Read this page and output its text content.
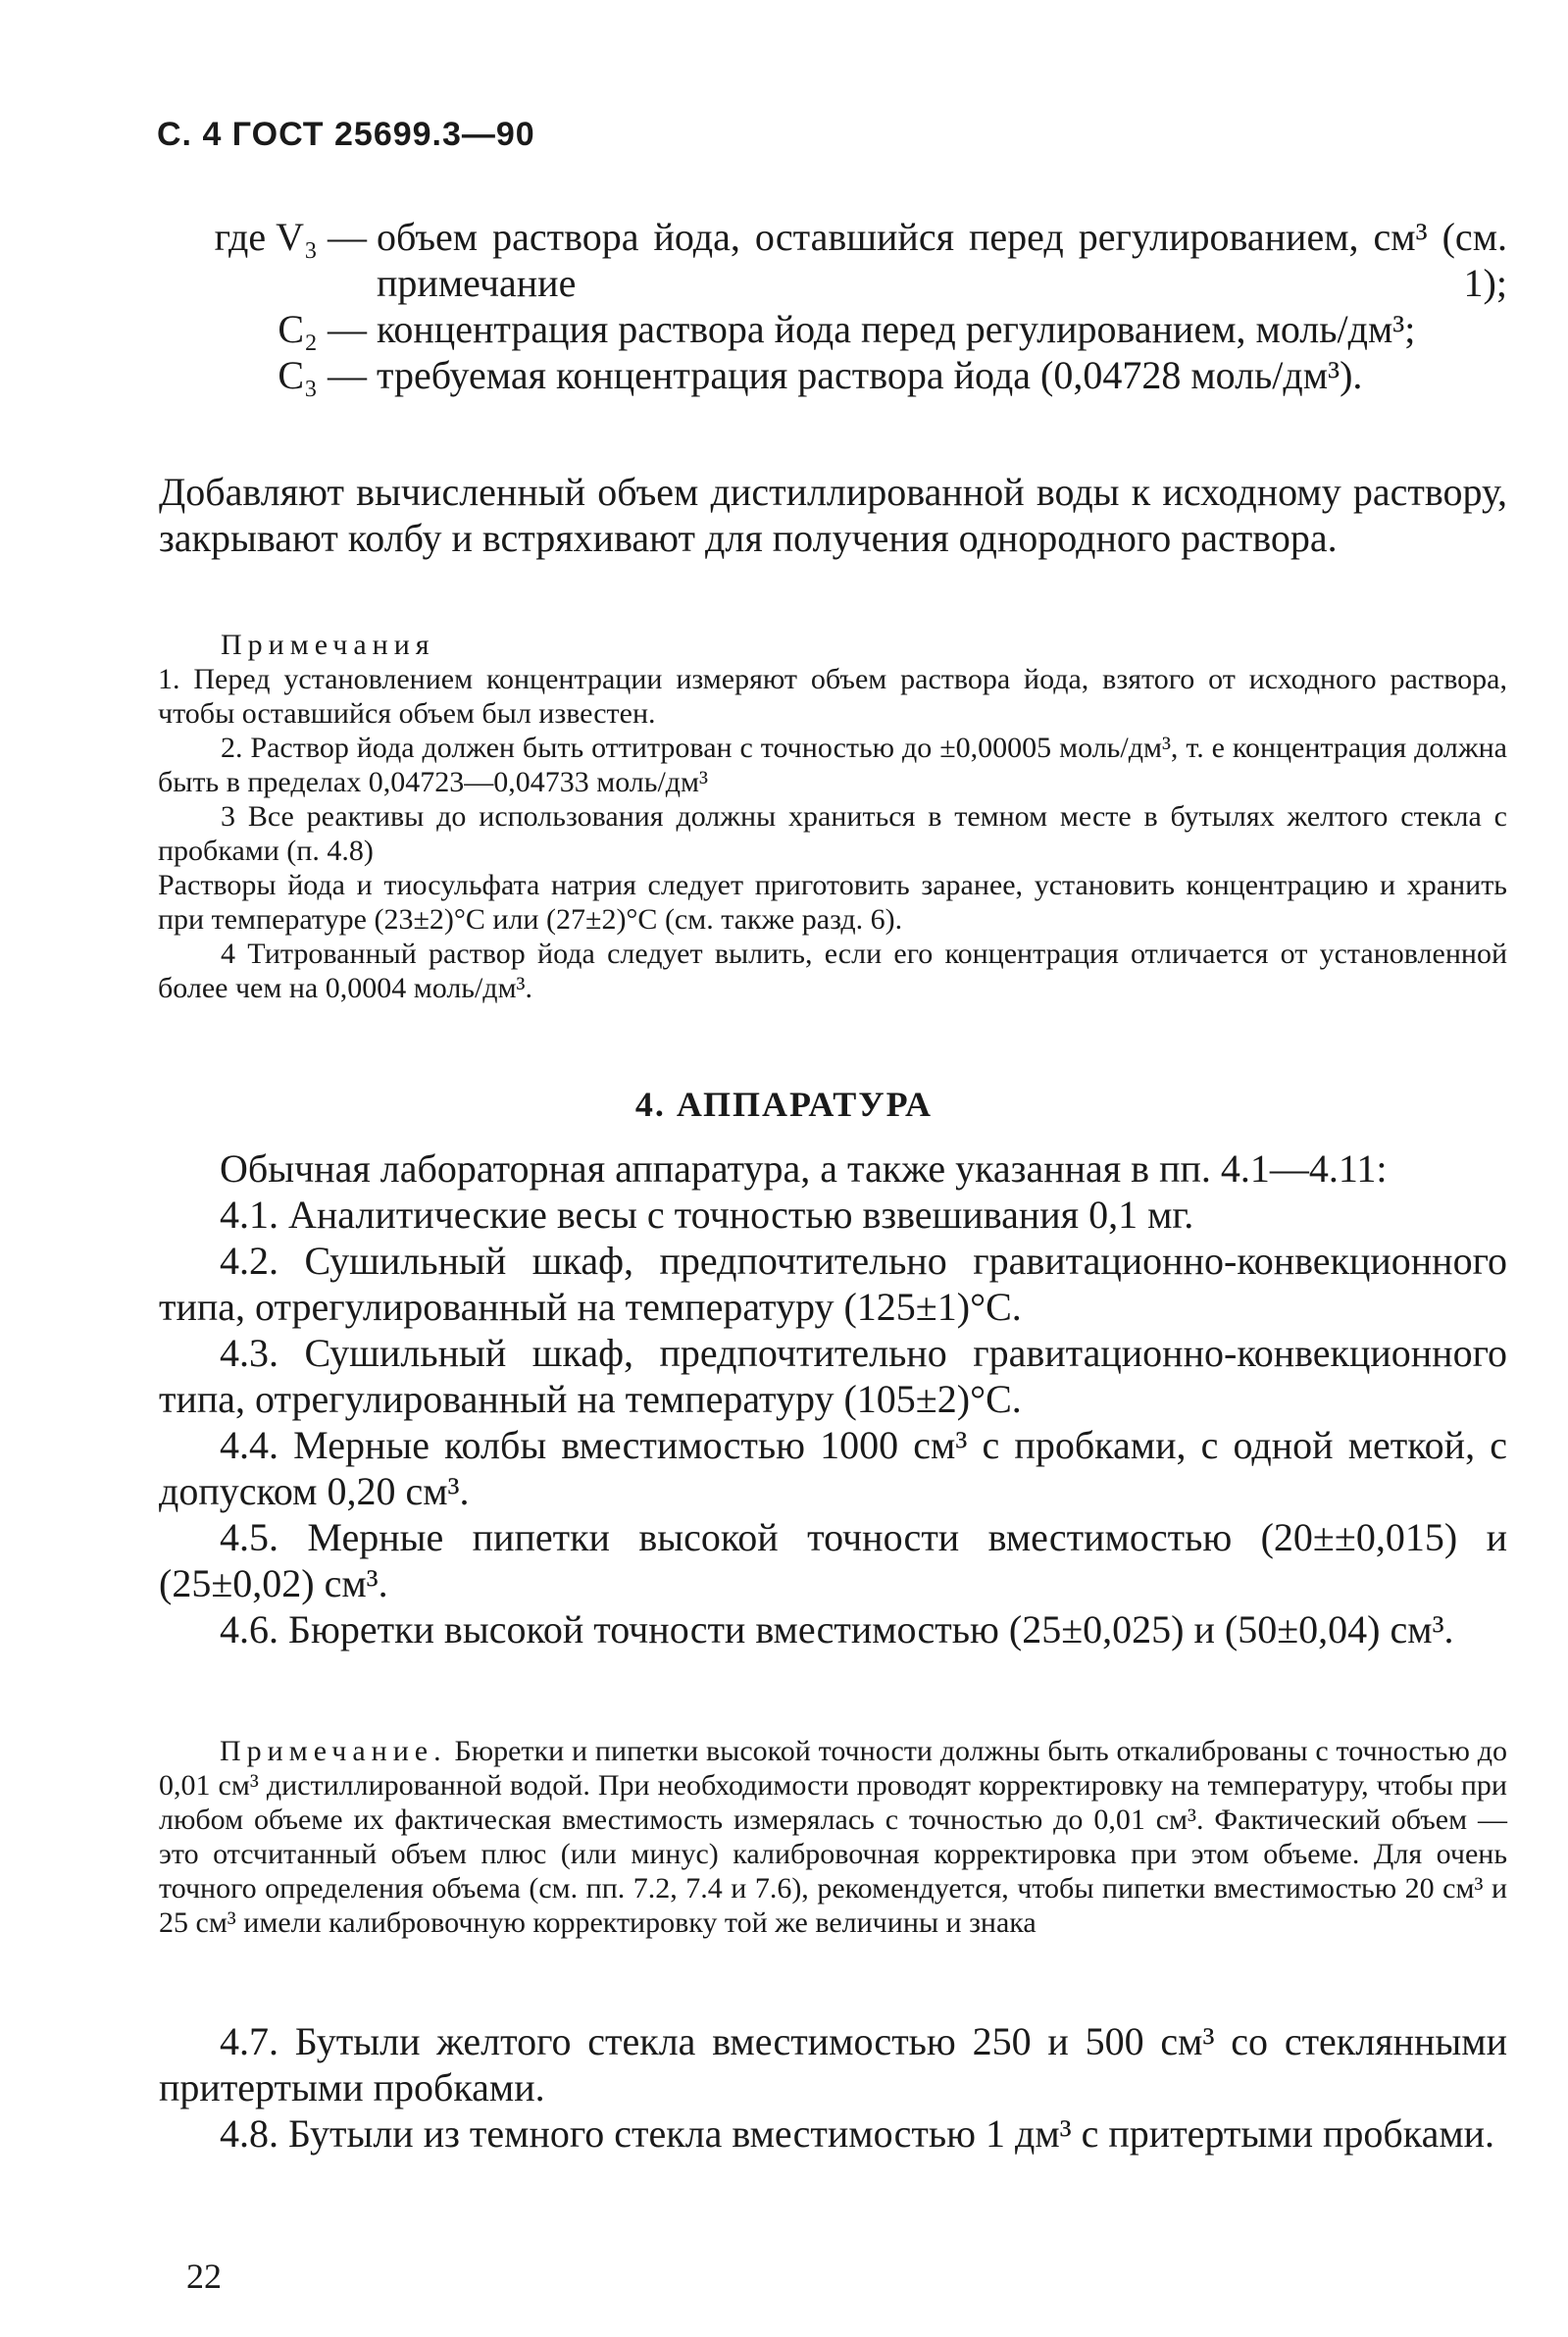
С. 4 ГОСТ 25699.3—90
где V₃ — объем раствора йода, оставшийся перед регулированием, см³ (см. примечание 1);
C₂ — концентрация раствора йода перед регулированием, моль/дм³;
C₃ — требуемая концентрация раствора йода (0,04728 моль/дм³).

Добавляют вычисленный объем дистиллированной воды к исходному раствору, закрывают колбу и встряхивают для получения однородного раствора.

Примечания

1. Перед установлением концентрации измеряют объем раствора йода, взятого от исходного раствора, чтобы оставшийся объем был известен.

2. Раствор йода должен быть оттитрован с точностью до ±0,00005 моль/дм³, т. е концентрация должна быть в пределах 0,04723—0,04733 моль/дм³

3 Все реактивы до использования должны храниться в темном месте в бутылях желтого стекла с пробками (п. 4.8)

Растворы йода и тиосульфата натрия следует приготовить заранее, установить концентрацию и хранить при температуре (23±2)°С или (27±2)°С (см. также разд. 6).

4 Титрованный раствор йода следует вылить, если его концентрация отличается от установленной более чем на 0,0004 моль/дм³.

4. АППАРАТУРА

Обычная лабораторная аппаратура, а также указанная в пп. 4.1—4.11:

4.1. Аналитические весы с точностью взвешивания 0,1 мг.

4.2. Сушильный шкаф, предпочтительно гравитационно-конвекционного типа, отрегулированный на температуру (125±1)°С.

4.3. Сушильный шкаф, предпочтительно гравитационно-конвекционного типа, отрегулированный на температуру (105±2)°С.

4.4. Мерные колбы вместимостью 1000 см³ с пробками, с одной меткой, с допуском 0,20 см³.

4.5. Мерные пипетки высокой точности вместимостью (20±±0,015) и (25±0,02) см³.

4.6. Бюретки высокой точности вместимостью (25±0,025) и (50±0,04) см³.

Примечание. Бюретки и пипетки высокой точности должны быть откалиброваны с точностью до 0,01 см³ дистиллированной водой. При необходимости проводят корректировку на температуру, чтобы при любом объеме их фактическая вместимость измерялась с точностью до 0,01 см³. Фактический объем — это отсчитанный объем плюс (или минус) калибровочная корректировка при этом объеме. Для очень точного определения объема (см. пп. 7.2, 7.4 и 7.6), рекомендуется, чтобы пипетки вместимостью 20 см³ и 25 см³ имели калибровочную корректировку той же величины и знака

4.7. Бутыли желтого стекла вместимостью 250 и 500 см³ со стеклянными притертыми пробками.

4.8. Бутыли из темного стекла вместимостью 1 дм³ с притертыми пробками.

22
